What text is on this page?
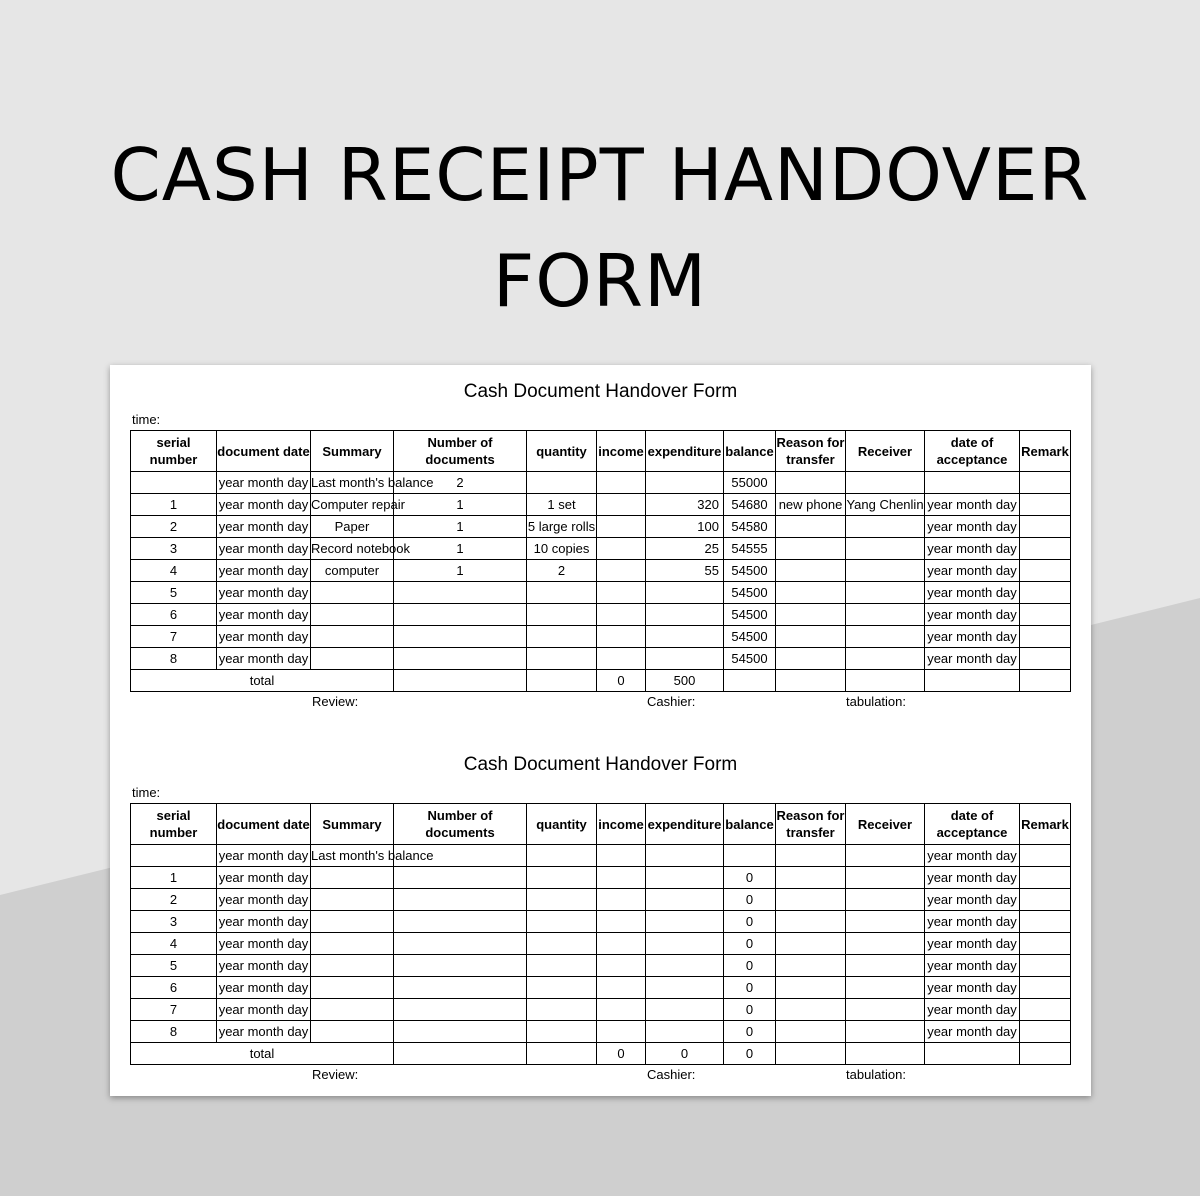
CASH RECEIPT HANDOVER FORM
Cash Document Handover Form
time:
serial number	document date	Summary	Number of documents	quantity	income	expenditure	balance	Reason for transfer	Receiver	date of acceptance	Remark
	year month day	Last month's balance	2				55000				
1	year month day	Computer repair	1	1 set		320	54680	new phone	Yang Chenlin	year month day	
2	year month day	Paper	1	5 large rolls		100	54580			year month day	
3	year month day	Record notebook	1	10 copies		25	54555			year month day	
4	year month day	computer	1	2		55	54500			year month day	
5	year month day						54500			year month day	
6	year month day						54500			year month day	
7	year month day						54500			year month day	
8	year month day						54500			year month day	
total					0	500					
Review:	Cashier:	tabulation:
Cash Document Handover Form
time:
serial number	document date	Summary	Number of documents	quantity	income	expenditure	balance	Reason for transfer	Receiver	date of acceptance	Remark
	year month day	Last month's balance								year month day	
1	year month day						0			year month day	
2	year month day						0			year month day	
3	year month day						0			year month day	
4	year month day						0			year month day	
5	year month day						0			year month day	
6	year month day						0			year month day	
7	year month day						0			year month day	
8	year month day						0			year month day	
total					0	0	0				
Review:	Cashier:	tabulation:
